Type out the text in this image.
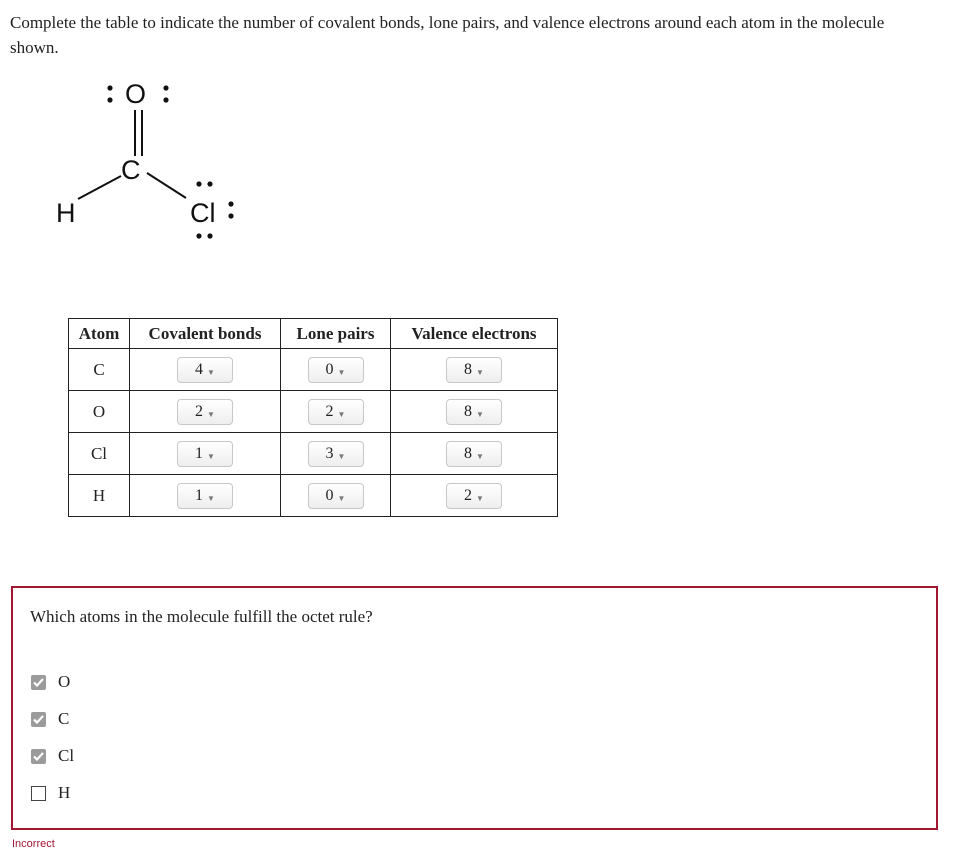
Complete the table to indicate the number of covalent bonds, lone pairs, and valence electrons around each atom in the molecule shown.

O
C
H	Cl
Atom	Covalent bonds	Lone pairs	Valence electrons
C	4 ▼	0 ▼	8 ▼

O	2 ▼	2 ▼	8 ▼

Cl	1 ▼	3 ▼	8 ▼

H	1 ▼	0 ▼	2 ▼

Which atoms in the molecule fulfill the octet rule?

O
C
Cl
H

Incorrect
